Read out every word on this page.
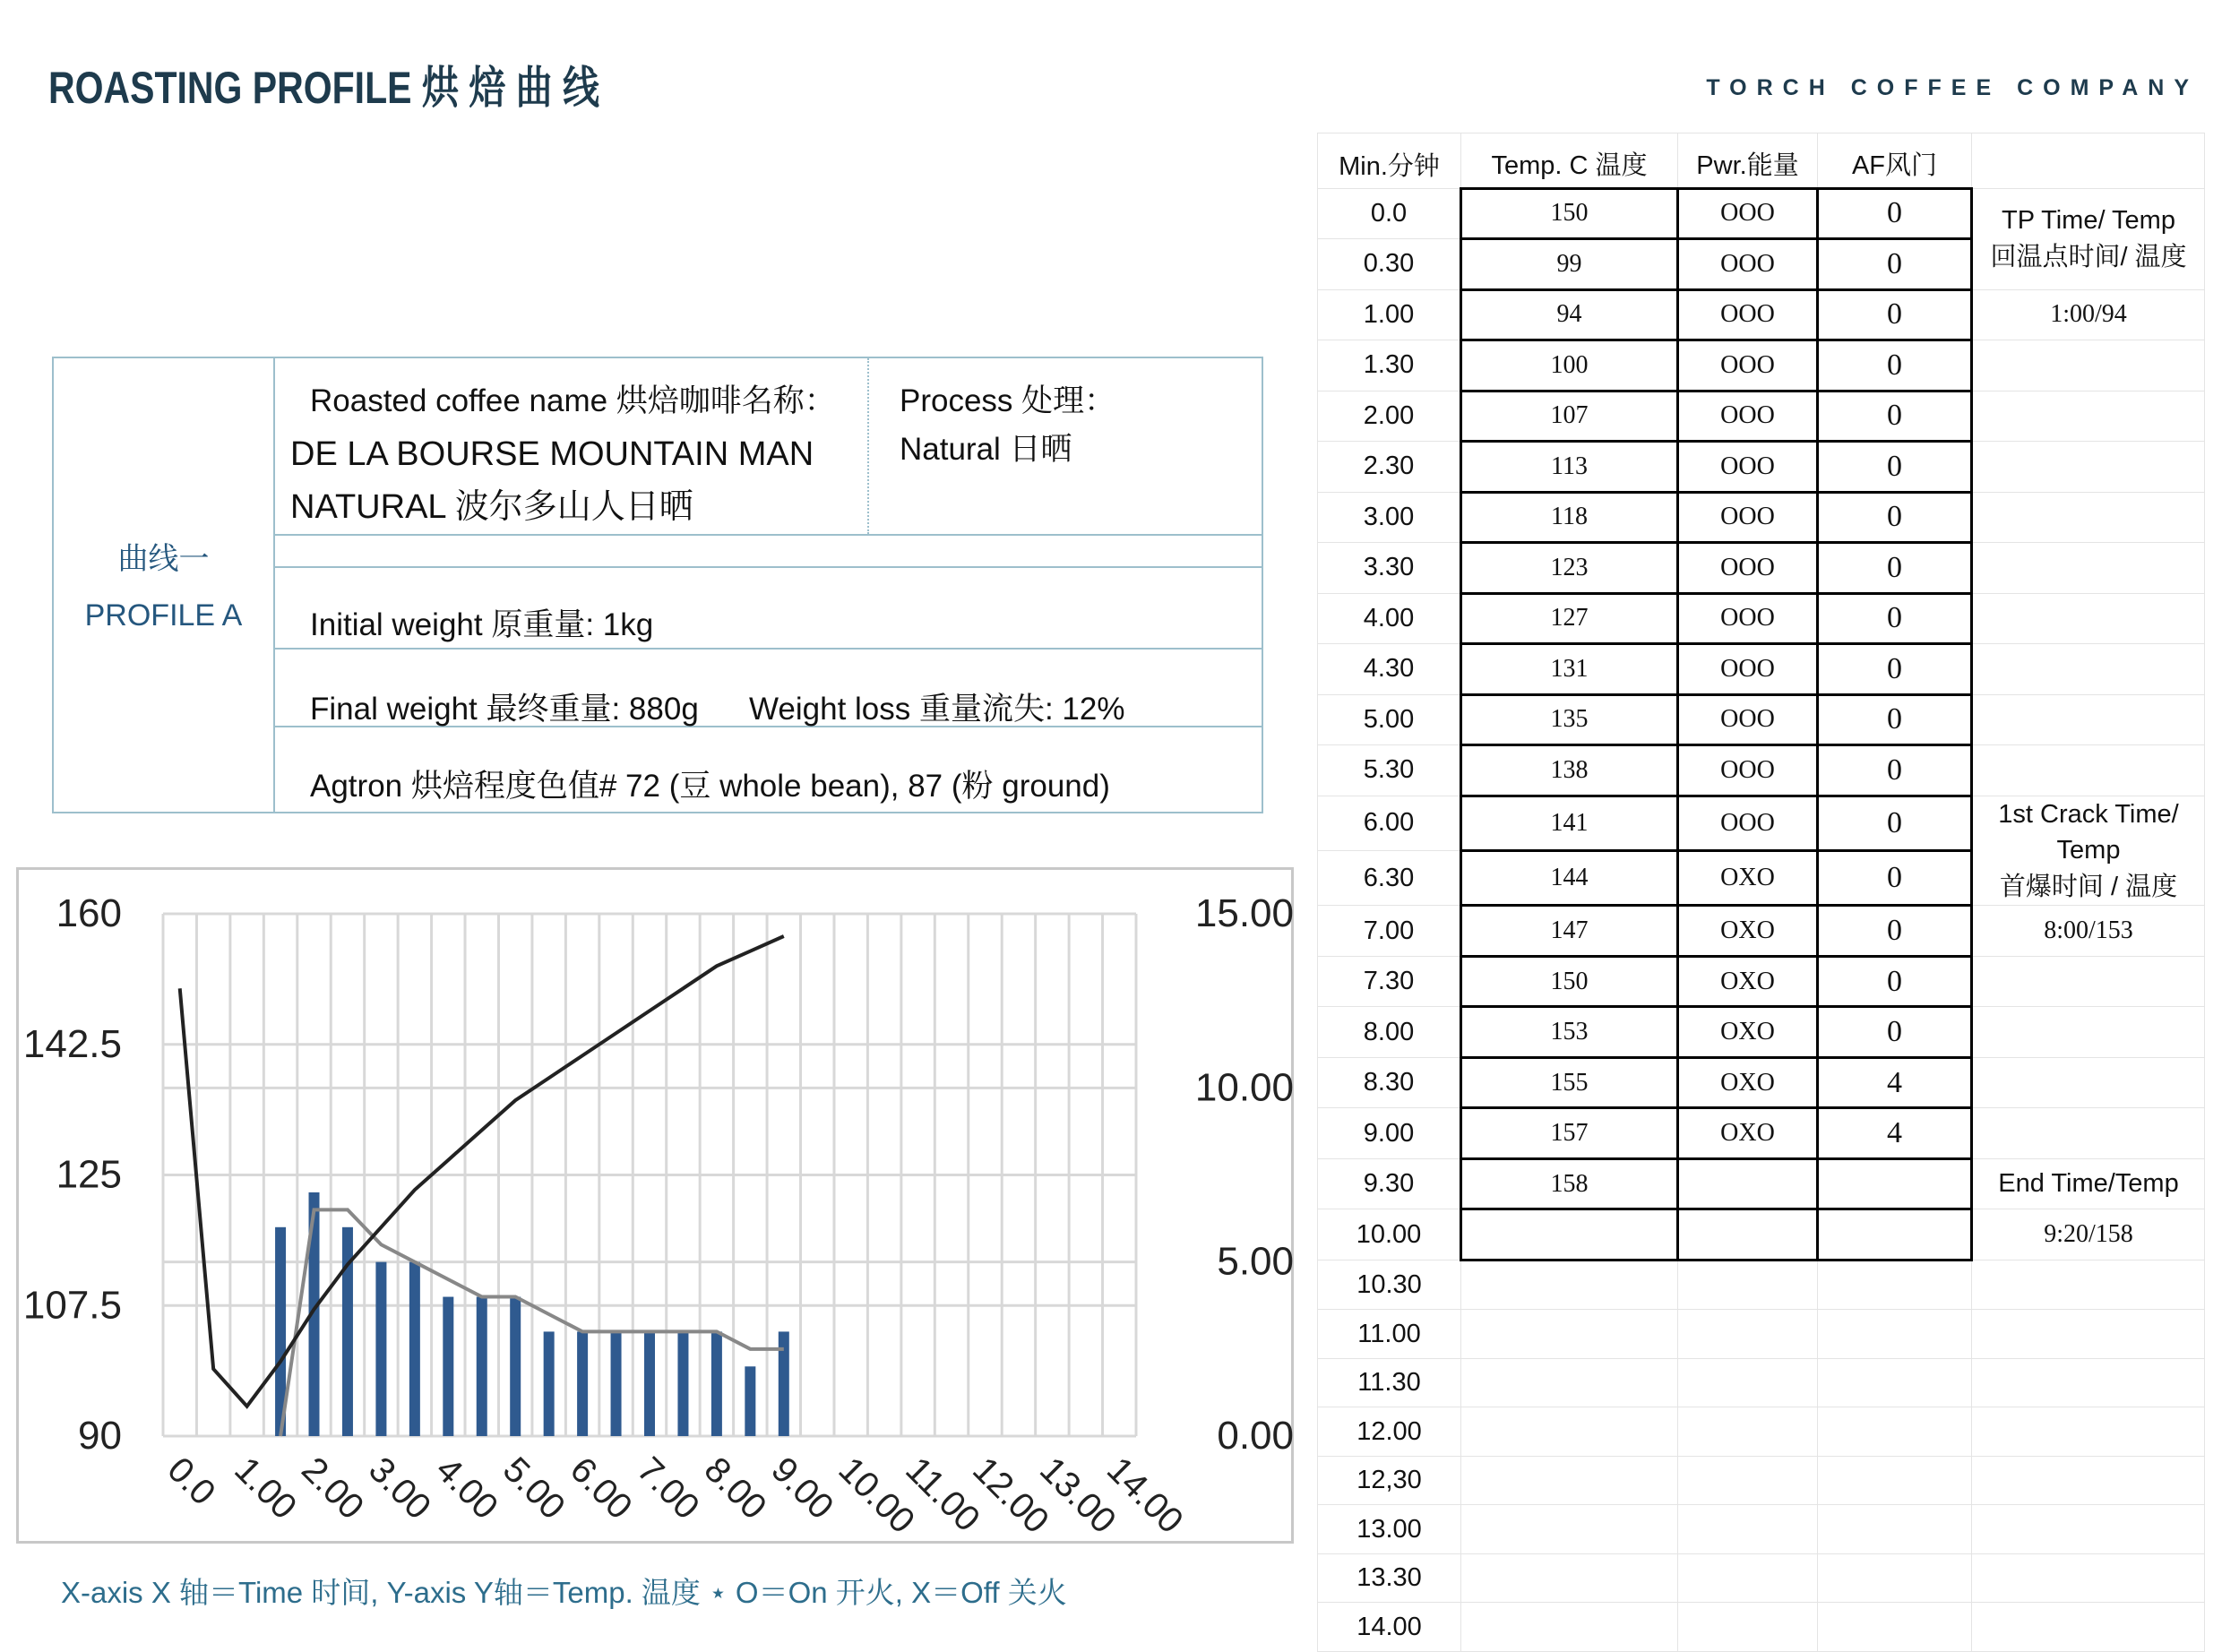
ROASTING PROFILE 烘 焙 曲 线	TORCH COFFEE COMPANY
曲线一
PROFILE A
Roasted coffee name 烘焙咖啡名称：
DE LA BOURSE MOUNTAIN MAN
NATURAL 波尔多山人日晒
Process 处理：
Natural 日晒
Initial weight 原重量: 1kg
Final weight 最终重量: 880g Weight loss 重量流失: 12%
Agtron 烘焙程度色值# 72 (豆 whole bean), 87 (粉 ground)
160
142.5
125
107.5
90
15.00
10.00
5.00
0.00
0.0 1.00
2.00
3.00
4.00
5.00
6.00
7.00
8.00
9.00
10.00
11.00
12.00
13.00
14.00
X-axis X 轴＝Time 时间, Y-axis Y轴＝Temp. 温度 ⋆ O＝On 开火, X＝Off 关火
Min.分钟	Temp. C 温度	Pwr.能量	AF风门	
0.0	150	OOO	0	TP Time/ Temp
回温点时间/ 温度

0.30	99	OOO	0	
1.00	94	OOO	0	1:00/94

1.30	100	OOO	0	
2.00	107	OOO	0	
2.30	113	OOO	0	
3.00	118	OOO	0	
3.30	123	OOO	0	
4.00	127	OOO	0	
4.30	131	OOO	0	
5.00	135	OOO	0	
5.30	138	OOO	0	
6.00	141	OOO	0	1st Crack Time/
Temp
首爆时间 / 温度

6.30	144	OXO	0	
7.00	147	OXO	0	8:00/153

7.30	150	OXO	0	
8.00	153	OXO	0	
8.30	155	OXO	4	
9.00	157	OXO	4	
9.30	158			End Time/Temp

10.00				9:20/158

10.30				
11.00				
11.30				
12.00				
12,30				
13.00				
13.30				
14.00				
